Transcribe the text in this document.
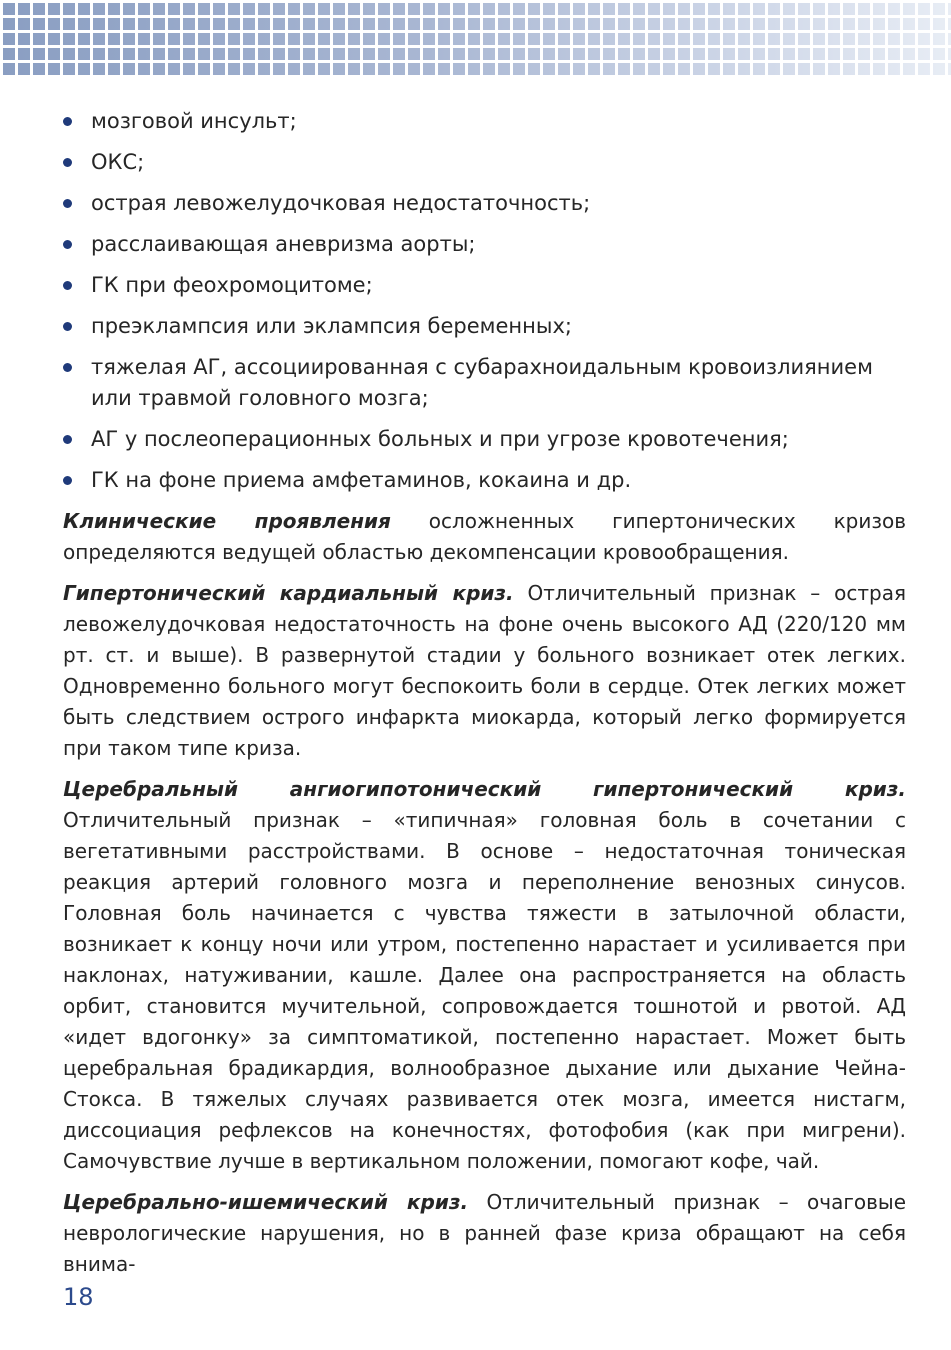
мозговой инсульт;
ОКС;
острая левожелудочковая недостаточность;
расслаивающая аневризма аорты;
ГК при феохромоцитоме;
преэклампсия или эклампсия беременных;
тяжелая АГ, ассоциированная с субарахноидальным кровоизлиянием или травмой головного мозга;
АГ у послеоперационных больных и при угрозе кровотечения;
ГК на фоне приема амфетаминов, кокаина и др.

Клинические проявления осложненных гипертонических кризов определяются ведущей областью декомпенсации кровообращения.

Гипертонический кардиальный криз. Отличительный признак – острая левожелудочковая недостаточность на фоне очень высокого АД (220/120 мм рт. ст. и выше). В развернутой стадии у больного возникает отек легких. Одновременно больного могут беспокоить боли в сердце. Отек легких может быть следствием острого инфаркта миокарда, который легко формируется при таком типе криза.

Церебральный ангиогипотонический гипертонический криз. Отличительный признак – «типичная» головная боль в сочетании с вегетативными расстройствами. В основе – недостаточная тоническая реакция артерий головного мозга и переполнение венозных синусов. Головная боль начинается с чувства тяжести в затылочной области, возникает к концу ночи или утром, постепенно нарастает и усиливается при наклонах, натуживании, кашле. Далее она распространяется на область орбит, становится мучительной, сопровождается тошнотой и рвотой. АД «идет вдогонку» за симптоматикой, постепенно нарастает. Может быть церебральная брадикардия, волнообразное дыхание или дыхание Чейна-Стокса. В тяжелых случаях развивается отек мозга, имеется нистагм, диссоциация рефлексов на конечностях, фотофобия (как при мигрени). Самочувствие лучше в вертикальном положении, помогают кофе, чай.

Церебрально-ишемический криз. Отличительный признак – очаговые неврологические нарушения, но в ранней фазе криза обращают на себя внима-

18
